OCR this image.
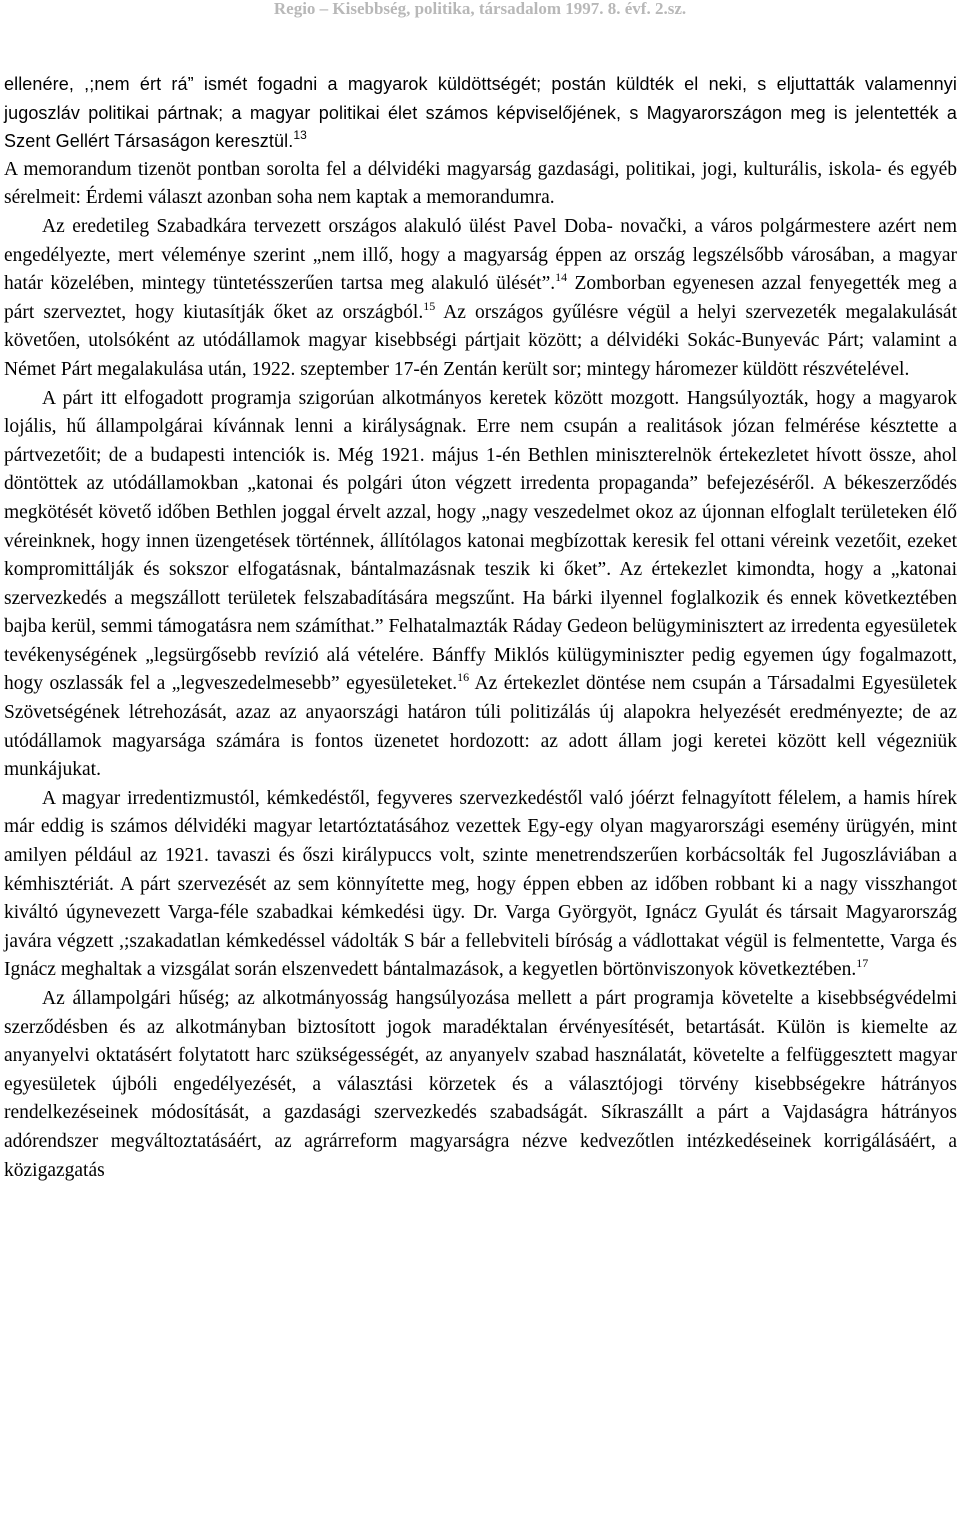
Regio – Kisebbség, politika, társadalom 1997. 8. évf. 2.sz.

ellenére, ,;nem ért rá” ismét fogadni a magyarok küldöttségét; postán küldték el neki, s eljuttatták valamennyi jugoszláv politikai pártnak; a magyar politikai élet számos képviselőjének, s Magyarországon meg is jelentették a Szent Gellért Társaságon keresztül.$^{13}$

A memorandum tizenöt pontban sorolta fel a délvidéki magyarság gazdasági, politikai, jogi, kulturális, iskola- és egyéb sérelmeit: Érdemi választ azonban soha nem kaptak a memorandumra.

Az eredetileg Szabadkára tervezett országos alakuló ülést Pavel Doba- novački, a város polgármestere azért nem engedélyezte, mert véleménye szerint „nem illő, hogy a magyarság éppen az ország legszélsőbb városában, a magyar határ közelében, mintegy tüntetésszerűen tartsa meg alakuló ülését”.$^{14}$ Zomborban egyenesen azzal fenyegették meg a párt szerveztet, hogy kiutasítják őket az országból.$^{15}$ Az országos gyűlésre végül a helyi szervezeték megalakulását követően, utolsóként az utódállamok magyar kisebbségi pártjait között; a délvidéki Sokác-Bunyevác Párt; valamint a Német Párt megalakulása után, 1922. szeptember 17-én Zentán került sor; mintegy háromezer küldött részvételével.

A párt itt elfogadott programja szigorúan alkotmányos keretek között mozgott. Hangsúlyozták, hogy a magyarok lojális, hű állampolgárai kívánnak lenni a királyságnak. Erre nem csupán a realitások józan felmérése késztette a pártvezetőit; de a budapesti intenciók is. Még 1921. május 1-én Bethlen miniszterelnök értekezletet hívott össze, ahol döntöttek az utódállamokban „katonai és polgári úton végzett irredenta propaganda” befejezéséről. A békeszerződés megkötését követő időben Bethlen joggal érvelt azzal, hogy „nagy veszedelmet okoz az újonnan elfoglalt területeken élő véreinknek, hogy innen üzengetések történnek, állítólagos katonai megbízottak keresik fel ottani véreink vezetőit, ezeket kompromittálják és sokszor elfogatásnak, bántalmazásnak teszik ki őket”. Az értekezlet kimondta, hogy a „katonai szervezkedés a megszállott területek felszabadítására megszűnt. Ha bárki ilyennel foglalkozik és ennek következtében bajba kerül, semmi támogatásra nem számíthat.” Felhatalmazták Ráday Gedeon belügyminisztert az irredenta egyesületek tevékenységének „legsürgősebb revízió alá vételére. Bánffy Miklós külügyminiszter pedig egyemen úgy fogalmazott, hogy oszlassák fel a „legveszedelmesebb” egyesületeket.$^{16}$ Az értekezlet döntése nem csupán a Társadalmi Egyesületek Szövetségének létrehozását, azaz az anyaországi határon túli politizálás új alapokra helyezését eredményezte; de az utódállamok magyarsága számára is fontos üzenetet hordozott: az adott állam jogi keretei között kell végezniük munkájukat.

A magyar irredentizmustól, kémkedéstől, fegyveres szervezkedéstől való jóérzt felnagyított félelem, a hamis hírek már eddig is számos délvidéki magyar letartóztatásához vezettek Egy-egy olyan magyarországi esemény ürügyén, mint amilyen például az 1921. tavaszi és őszi királypuccs volt, szinte menetrendszerűen korbácsolták fel Jugoszláviában a kémhisztériát. A párt szervezését az sem könnyítette meg, hogy éppen ebben az időben robbant ki a nagy visszhangot kiváltó úgynevezett Varga-féle szabadkai kémkedési ügy. Dr. Varga Györgyöt, Ignácz Gyulát és társait Magyarország javára végzett ,;szakadatlan kémkedéssel vádolták S bár a fellebviteli bíróság a vádlottakat végül is felmentette, Varga és Ignácz meghaltak a vizsgálat során elszenvedett bántalmazások, a kegyetlen börtönviszonyok következtében.$^{17}$

Az állampolgári hűség; az alkotmányosság hangsúlyozása mellett a párt programja követelte a kisebbségvédelmi szerződésben és az alkotmányban biztosított jogok maradéktalan érvényesítését, betartását. Külön is kiemelte az anyanyelvi oktatásért folytatott harc szükségességét, az anyanyelv szabad használatát, követelte a felfüggesztett magyar egyesületek újbóli engedélyezését, a választási körzetek és a választójogi törvény kisebbségekre hátrányos rendelkezéseinek módosítását, a gazdasági szervezkedés szabadságát. Síkraszállt a párt a Vajdaságra hátrányos adórendszer megváltoztatásáért, az agrárreform magyarságra nézve kedvezőtlen intézkedéseinek korrigálásáért, a közigazgatás
